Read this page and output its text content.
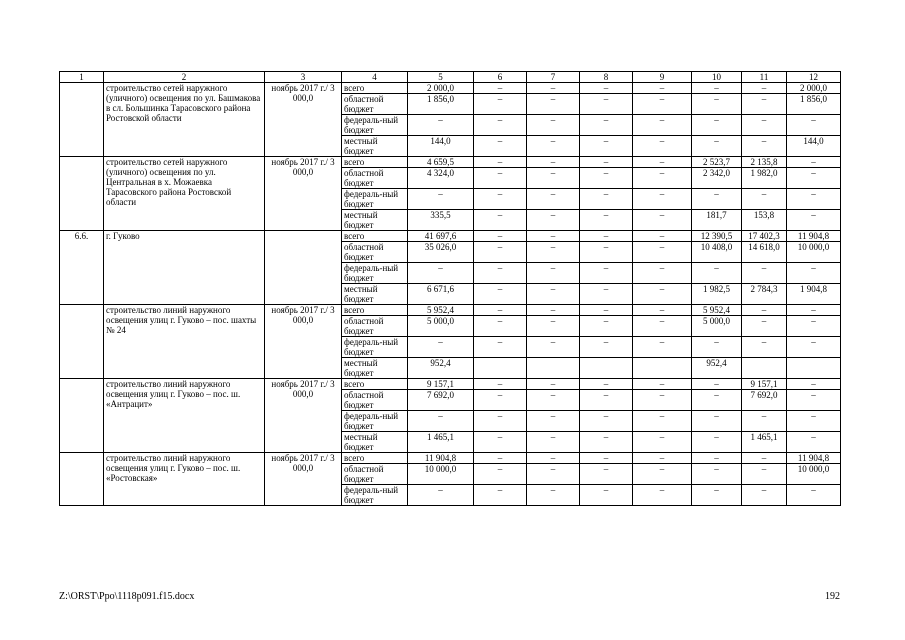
1	2	3	4	5	6	7	8	9	10	11	12
	строительство сетей наружного (уличного) освещения по ул. Башмакова в сл. Большинка Тарасовского района Ростовской области	ноябрь 2017 г./ 3 000,0	всего	2 000,0	–	–	–	–	–	–	2 000,0
			областной бюджет	1 856,0	–	–	–	–	–	–	1 856,0
			федераль-ный бюджет	–	–	–	–	–	–	–	–
			местный бюджет	144,0	–	–	–	–	–	–	144,0
	строительство сетей наружного (уличного) освещения по ул. Центральная в х. Можаевка Тарасовского района Ростовской области	ноябрь 2017 г./ 3 000,0	всего	4 659,5	–	–	–	–	2 523,7	2 135,8	–
			областной бюджет	4 324,0	–	–	–	–	2 342,0	1 982,0	–
			федераль-ный бюджет	–	–	–	–	–	–	–	–
			местный бюджет	335,5	–	–	–	–	181,7	153,8	–
6.6.	г. Гуково		всего	41 697,6	–	–	–	–	12 390,5	17 402,3	11 904,8
			областной бюджет	35 026,0	–	–	–	–	10 408,0	14 618,0	10 000,0
			федераль-ный бюджет	–	–	–	–	–	–	–	–
			местный бюджет	6 671,6	–	–	–	–	1 982,5	2 784,3	1 904,8
	строительство линий наружного освещения улиц г. Гуково – пос. шахты № 24	ноябрь 2017 г./ 3 000,0	всего	5 952,4	–	–	–	–	5 952,4	–	–
			областной бюджет	5 000,0	–	–	–	–	5 000,0	–	–
			федераль-ный бюджет	–	–	–	–	–	–	–	–
			местный бюджет	952,4					952,4		
	строительство линий наружного освещения улиц г. Гуково – пос. ш. «Антрацит»	ноябрь 2017 г./ 3 000,0	всего	9 157,1	–	–	–	–	–	9 157,1	–
			областной бюджет	7 692,0	–	–	–	–	–	7 692,0	–
			федераль-ный бюджет	–	–	–	–	–	–	–	–
			местный бюджет	1 465,1	–	–	–	–	–	1 465,1	–
	строительство линий наружного освещения улиц г. Гуково – пос. ш. «Ростовская»	ноябрь 2017 г./ 3 000,0	всего	11 904,8	–	–	–	–	–	–	11 904,8
			областной бюджет	10 000,0	–	–	–	–	–	–	10 000,0
			федераль-ный бюджет	–	–	–	–	–	–	–	–
Z:\ORST\Ppo\1118p091.f15.docx	192
